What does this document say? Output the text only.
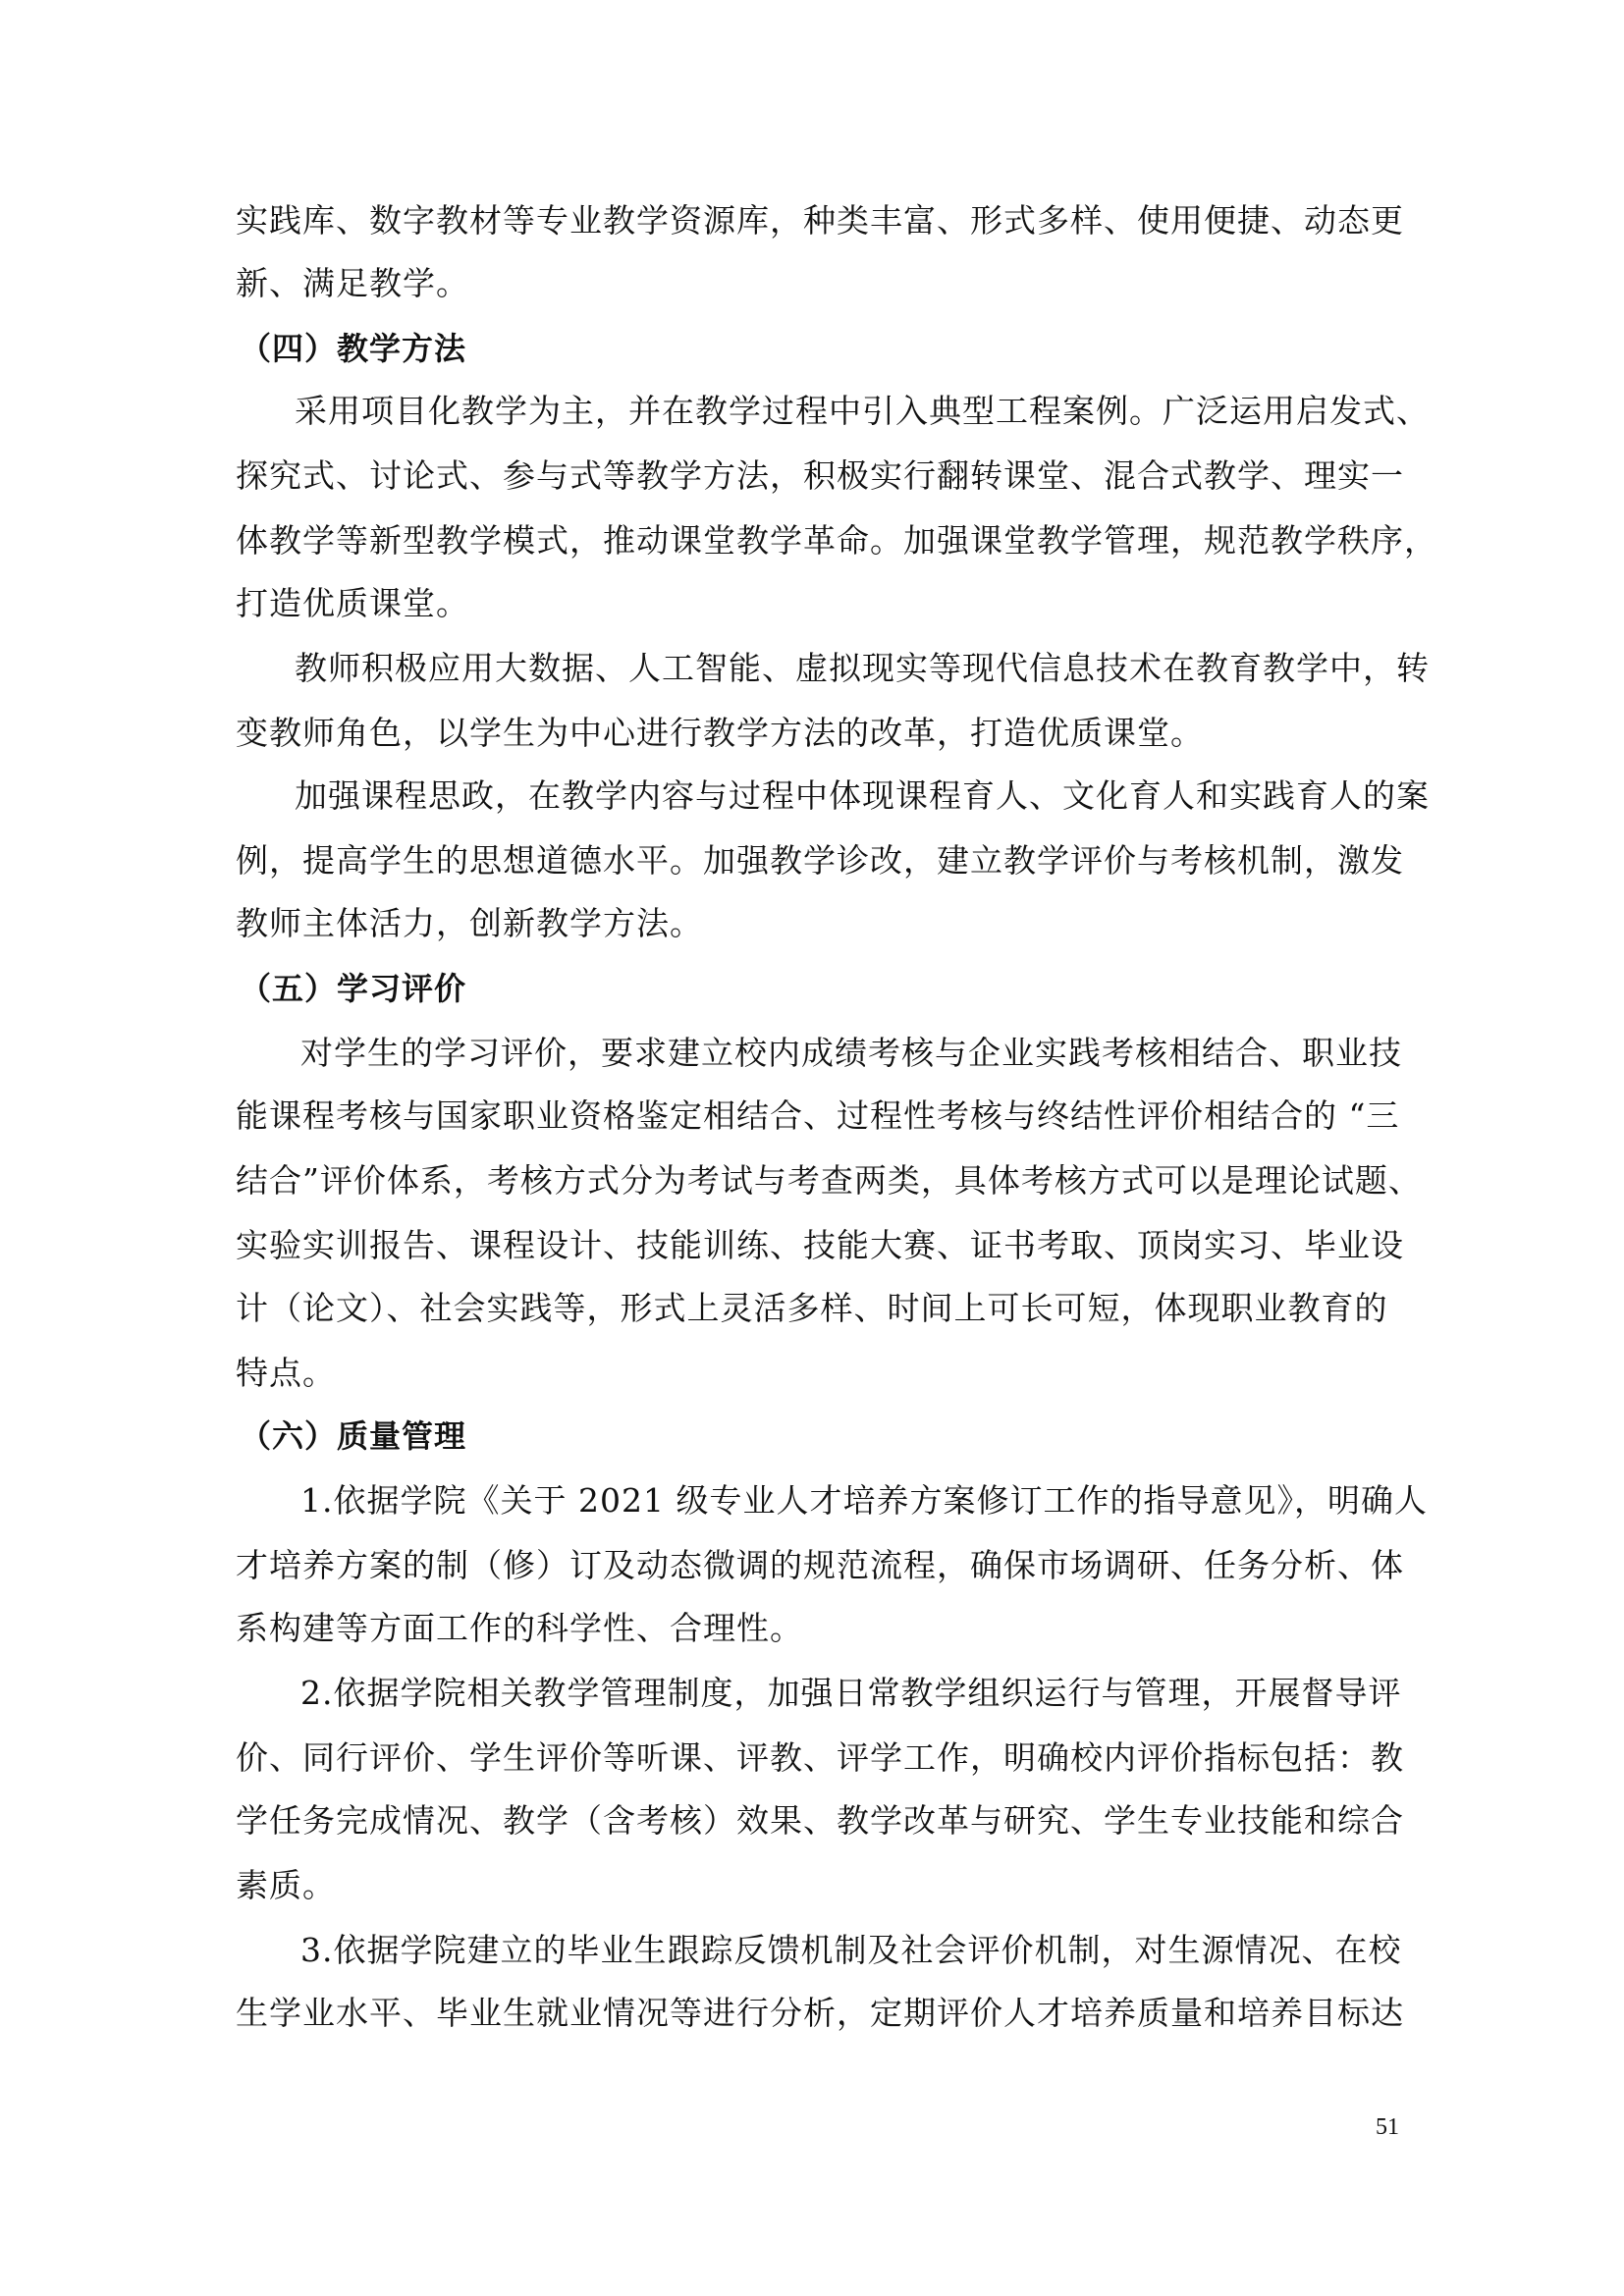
实践库、数字教材等专业教学资源库，种类丰富、形式多样、使用便捷、动态更
新、满足教学。
（四）教学方法
采用项目化教学为主，并在教学过程中引入典型工程案例。广泛运用启发式、
探究式、讨论式、参与式等教学方法，积极实行翻转课堂、混合式教学、理实一
体教学等新型教学模式，推动课堂教学革命。加强课堂教学管理，规范教学秩序，
打造优质课堂。
教师积极应用大数据、人工智能、虚拟现实等现代信息技术在教育教学中，转
变教师角色，以学生为中心进行教学方法的改革，打造优质课堂。
加强课程思政，在教学内容与过程中体现课程育人、文化育人和实践育人的案
例，提高学生的思想道德水平。加强教学诊改，建立教学评价与考核机制，激发
教师主体活力，创新教学方法。
（五）学习评价
对学生的学习评价，要求建立校内成绩考核与企业实践考核相结合、职业技
能课程考核与国家职业资格鉴定相结合、过程性考核与终结性评价相结合的 “三
结合”评价体系，考核方式分为考试与考查两类，具体考核方式可以是理论试题、
实验实训报告、课程设计、技能训练、技能大赛、证书考取、顶岗实习、毕业设
计（论文）、社会实践等，形式上灵活多样、时间上可长可短，体现职业教育的
特点。
（六）质量管理
1.依据学院《关于 2021 级专业人才培养方案修订工作的指导意见》，明确人
才培养方案的制（修）订及动态微调的规范流程，确保市场调研、任务分析、体
系构建等方面工作的科学性、合理性。
2.依据学院相关教学管理制度，加强日常教学组织运行与管理，开展督导评
价、同行评价、学生评价等听课、评教、评学工作，明确校内评价指标包括：教
学任务完成情况、教学（含考核）效果、教学改革与研究、学生专业技能和综合
素质。
3.依据学院建立的毕业生跟踪反馈机制及社会评价机制，对生源情况、在校
生学业水平、毕业生就业情况等进行分析，定期评价人才培养质量和培养目标达
51
